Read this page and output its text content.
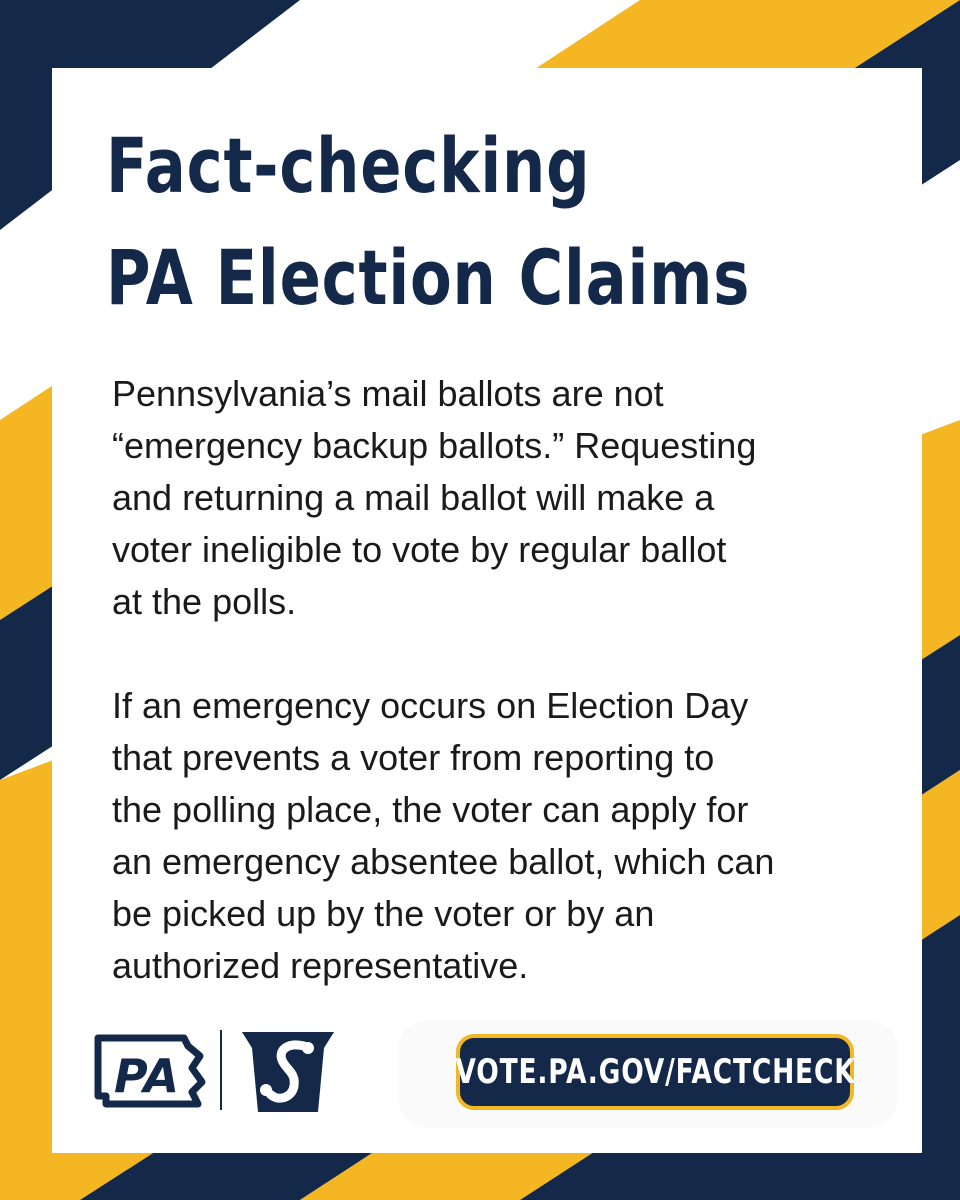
Fact-checking
PA Election Claims
Pennsylvania’s mail ballots are not
“emergency backup ballots.” Requesting
and returning a mail ballot will make a
voter ineligible to vote by regular ballot
at the polls.
If an emergency occurs on Election Day
that prevents a voter from reporting to
the polling place, the voter can apply for
an emergency absentee ballot, which can
be picked up by the voter or by an
authorized representative.
PA	VOTE.PA.GOV/FACTCHECK
